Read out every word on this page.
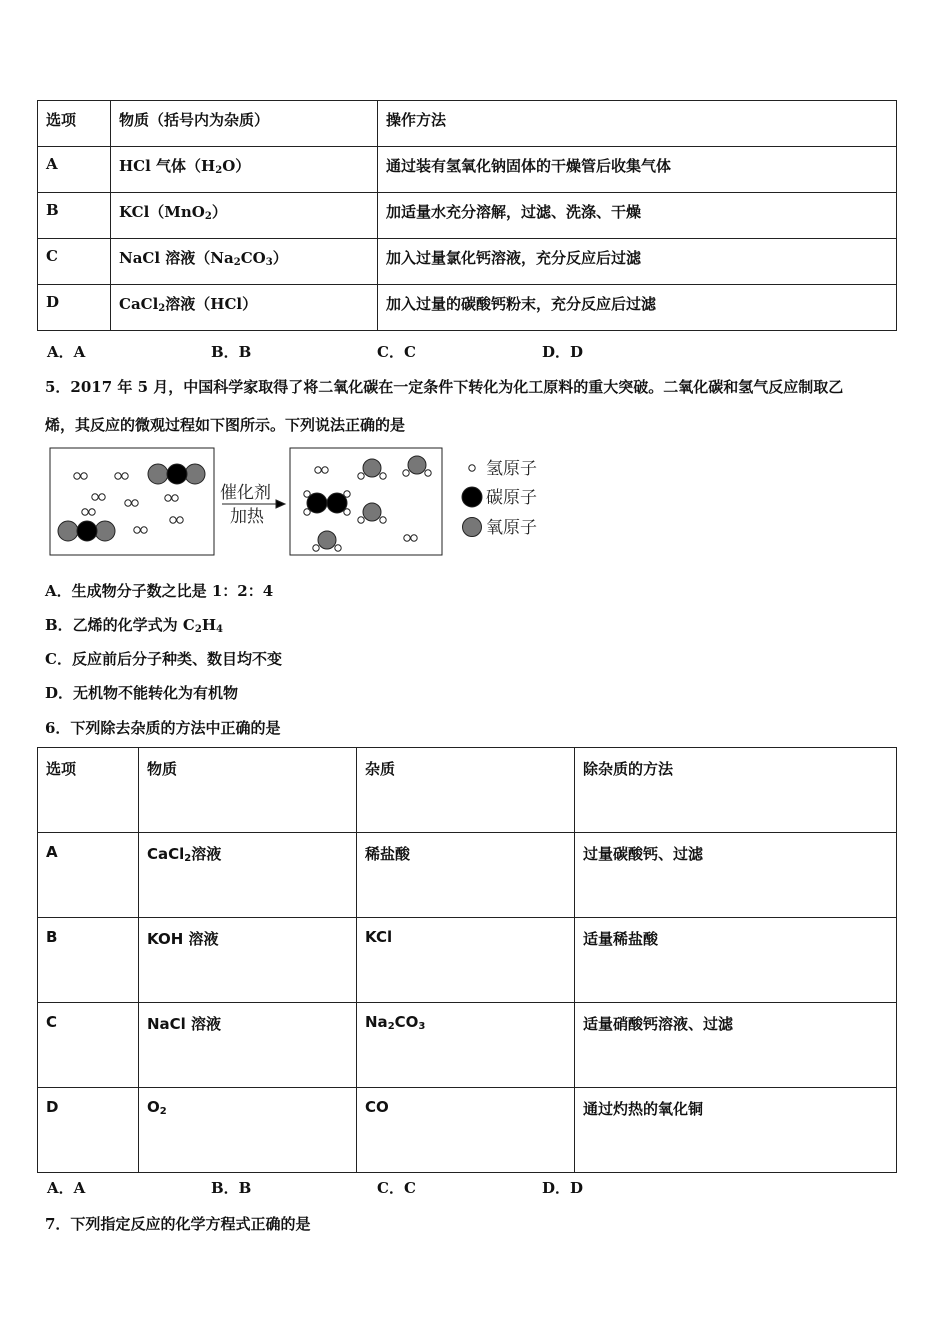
选项	物质（括号内为杂质）	操作方法
A	HCl 气体$(H_2O)$	通过装有氢氧化钠固体的干燥管后收集气体
B	KCl（MnO$_2$）	加适量水充分溶解，过滤、洗涤、干燥
C	NaCl 溶液$(Na_2CO_3)$	加入过量氯化钙溶液，充分反应后过滤
D	CaCl$_2$溶液（HCl）	加入过量的碳酸钙粉末，充分反应后过滤
A．A	B．B	C．C	D．D
5．2017 年 5 月，中国科学家取得了将二氧化碳在一定条件下转化为化工原料的重大突破。二氧化碳和氢气反应制取乙
烯，其反应的微观过程如下图所示。下列说法正确的是
催化剂
加热
氢原子
碳原子
氧原子
A．生成物分子数之比是 1：2：4
B．乙烯的化学式为 $C_2H_4$
C．反应前后分子种类、数目均不变
D．无机物不能转化为有机物
6．下列除去杂质的方法中正确的是
选项	物质	杂质	除杂质的方法
A	CaCl$_2$溶液	稀盐酸	过量碳酸钙、过滤
B	KOH 溶液	KCl	适量稀盐酸
C	NaCl 溶液	$Na_2CO_3$	适量硝酸钙溶液、过滤
D	$O_2$	CO	通过灼热的氧化铜
A．A	B．B	C．C	D．D
7．下列指定反应的化学方程式正确的是
